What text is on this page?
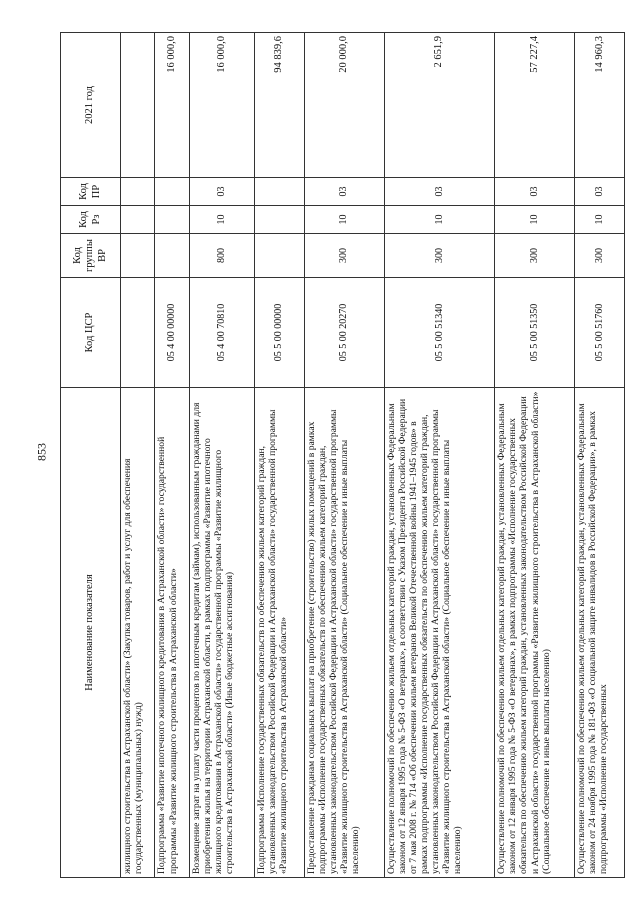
853
Наименование показателя	Код ЦСР	Код группы ВР	Код Рз	Код ПР	2021 год
жилищного строительства в Астраханской области» (Закупка товаров, работ и услуг для обеспечения государственных (муниципальных) нужд)					
Подпрограмма «Развитие ипотечного жилищного кредитования в Астраханской области» государственной программы «Развитие жилищного строительства в Астраханской области»	05 4 00 00000				16 000,0
Возмещение затрат на уплату части процентов по ипотечным кредитам (займам), использованным гражданами для приобретения жилья на территории Астраханской области, в рамках подпрограммы «Развитие ипотечного жилищного кредитования в Астраханской области» государственной программы «Развитие жилищного строительства в Астраханской области» (Иные бюджетные ассигнования)	05 4 00 70810	800	10	03	16 000,0
Подпрограмма «Исполнение государственных обязательств по обеспечению жильем категорий граждан, установленных законодательством Российской Федерации и Астраханской области» государственной программы «Развитие жилищного строительства в Астраханской области»	05 5 00 00000				94 839,6
Предоставление гражданам социальных выплат на приобретение (строительство) жилых помещений в рамках подпрограммы «Исполнение государственных обязательств по обеспечению жильем категорий граждан, установленных законодательством Российской Федерации и Астраханской области» государственной программы «Развитие жилищного строительства в Астраханской области» (Социальное обеспечение и иные выплаты населению)	05 5 00 20270	300	10	03	20 000,0
Осуществление полномочий по обеспечению жильем отдельных категорий граждан, установленных Федеральным законом от 12 января 1995 года № 5-ФЗ «О ветеранах», в соответствии с Указом Президента Российской Федерации от 7 мая 2008 г. № 714 «Об обеспечении жильем ветеранов Великой Отечественной войны 1941–1945 годов» в рамках подпрограммы «Исполнение государственных обязательств по обеспечению жильем категорий граждан, установленных законодательством Российской Федерации и Астраханской области» государственной программы «Развитие жилищного строительства в Астраханской области» (Социальное обеспечение и иные выплаты населению)	05 5 00 51340	300	10	03	2 651,9
Осуществление полномочий по обеспечению жильем отдельных категорий граждан, установленных Федеральным законом от 12 января 1995 года № 5-ФЗ «О ветеранах», в рамках подпрограммы «Исполнение государственных обязательств по обеспечению жильем категорий граждан, установленных законодательством Российской Федерации и Астраханской области» государственной программы «Развитие жилищного строительства в Астраханской области» (Социальное обеспечение и иные выплаты населению)	05 5 00 51350	300	10	03	57 227,4
Осуществление полномочий по обеспечению жильем отдельных категорий граждан, установленных Федеральным законом от 24 ноября 1995 года № 181-ФЗ «О социальной защите инвалидов в Российской Федерации», в рамках подпрограммы «Исполнение государственных	05 5 00 51760	300	10	03	14 960,3
